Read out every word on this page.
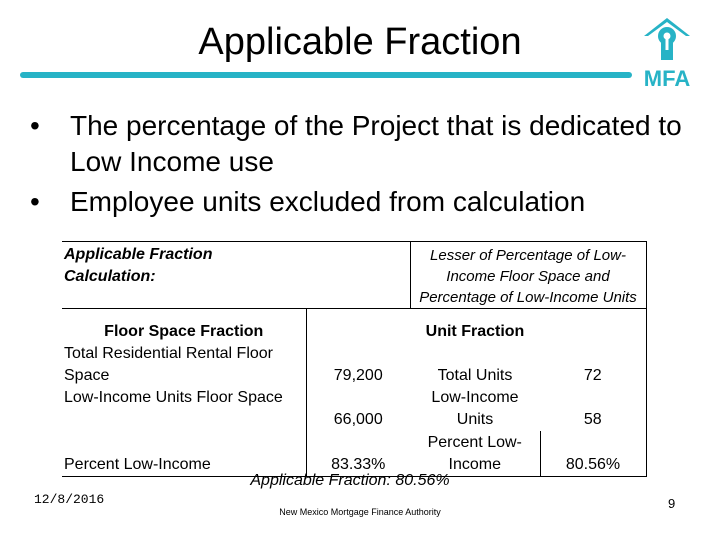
Applicable Fraction
MFA
•	The percentage of the Project that is dedicated to Low Income use
•	Employee units excluded from calculation
Applicable Fraction Calculation:		Lesser of Percentage of Low-Income Floor Space and Percentage of Low-Income Units	
Floor Space Fraction		Unit Fraction	
Total Residential Rental Floor Space	79,200	Total Units	72
Low-Income Units Floor Space	66,000	Low-Income Units	58
Percent Low-Income	83.33%	Percent Low-Income	80.56%
Applicable Fraction: 80.56%
12/8/2016
New Mexico Mortgage Finance Authority
9
